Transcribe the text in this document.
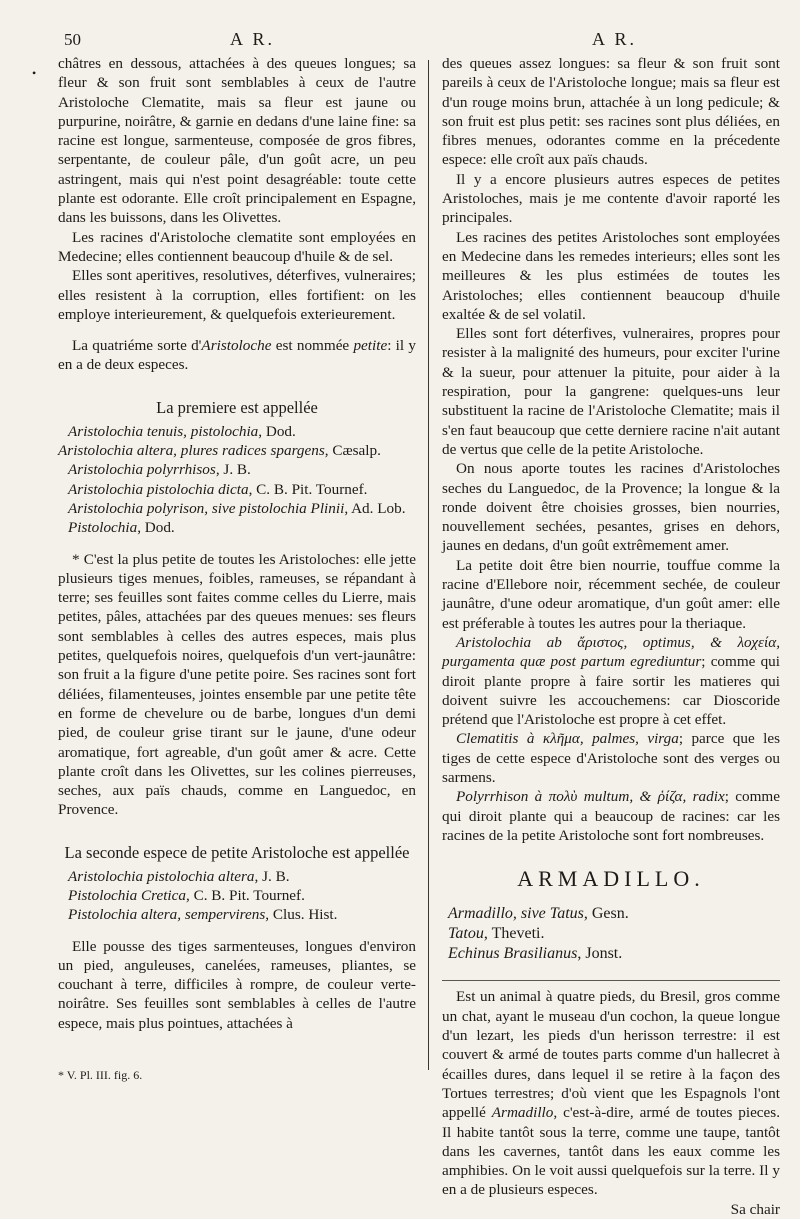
50	A R.
•

châtres en dessous, attachées à des queues longues; sa fleur & son fruit sont semblables à ceux de l'autre Aristoloche Clematite, mais sa fleur est jaune ou purpurine, noirâtre, & garnie en dedans d'une laine fine: sa racine est longue, sarmenteuse, composée de gros fibres, serpentante, de couleur pâle, d'un goût acre, un peu astringent, mais qui n'est point desagréable: toute cette plante est odorante. Elle croît principalement en Espagne, dans les buissons, dans les Olivettes.

Les racines d'Aristoloche clematite sont employées en Medecine; elles contiennent beaucoup d'huile & de sel.

Elles sont aperitives, resolutives, déterfives, vulneraires; elles resistent à la corruption, elles fortifient: on les employe interieurement, & quelquefois exterieurement.

La quatriéme sorte d'Aristoloche est nommée petite: il y en a de deux especes.

La premiere est appellée

Aristolochia tenuis, pistolochia, Dod.

Aristolochia altera, plures radices spargens, Cæsalp.

Aristolochia polyrrhisos, J. B.

Aristolochia pistolochia dicta, C. B. Pit. Tournef.

Aristolochia polyrison, sive pistolochia Plinii, Ad. Lob.

Pistolochia, Dod.

* C'est la plus petite de toutes les Aristoloches: elle jette plusieurs tiges menues, foibles, rameuses, se répandant à terre; ses feuilles sont faites comme celles du Lierre, mais petites, pâles, attachées par des queues menues: ses fleurs sont semblables à celles des autres especes, mais plus petites, quelquefois noires, quelquefois d'un vert-jaunâtre: son fruit a la figure d'une petite poire. Ses racines sont fort déliées, filamenteuses, jointes ensemble par une petite tête en forme de chevelure ou de barbe, longues d'un demi pied, de couleur grise tirant sur le jaune, d'une odeur aromatique, fort agreable, d'un goût amer & acre. Cette plante croît dans les Olivettes, sur les colines pierreuses, seches, aux païs chauds, comme en Languedoc, en Provence.

La seconde espece de petite Aristoloche est appellée

Aristolochia pistolochia altera, J. B.

Pistolochia Cretica, C. B. Pit. Tournef.

Pistolochia altera, sempervirens, Clus. Hist.

Elle pousse des tiges sarmenteuses, longues d'environ un pied, anguleuses, canelées, rameuses, pliantes, se couchant à terre, difficiles à rompre, de couleur verte-noirâtre. Ses feuilles sont semblables à celles de l'autre espece, mais plus pointues, attachées à

A R.

des queues assez longues: sa fleur & son fruit sont pareils à ceux de l'Aristoloche longue; mais sa fleur est d'un rouge moins brun, attachée à un long pedicule; & son fruit est plus petit: ses racines sont plus déliées, en fibres menues, odorantes comme en la précedente espece: elle croît aux païs chauds.

Il y a encore plusieurs autres especes de petites Aristoloches, mais je me contente d'avoir raporté les principales.

Les racines des petites Aristoloches sont employées en Medecine dans les remedes interieurs; elles sont les meilleures & les plus estimées de toutes les Aristoloches; elles contiennent beaucoup d'huile exaltée & de sel volatil.

Elles sont fort déterfives, vulneraires, propres pour resister à la malignité des humeurs, pour exciter l'urine & la sueur, pour attenuer la pituite, pour aider à la respiration, pour la gangrene: quelques-uns leur substituent la racine de l'Aristoloche Clematite; mais il s'en faut beaucoup que cette derniere racine n'ait autant de vertus que celle de la petite Aristoloche.

On nous aporte toutes les racines d'Aristoloches seches du Languedoc, de la Provence; la longue & la ronde doivent être choisies grosses, bien nourries, nouvellement sechées, pesantes, grises en dehors, jaunes en dedans, d'un goût extrêmement amer.

La petite doit être bien nourrie, touffue comme la racine d'Ellebore noir, récemment sechée, de couleur jaunâtre, d'une odeur aromatique, d'un goût amer: elle est préferable à toutes les autres pour la theriaque.

Aristolochia ab ἄριστος, optimus, & λοχεία, purgamenta quæ post partum egrediuntur; comme qui diroit plante propre à faire sortir les matieres qui doivent suivre les accouchemens: car Dioscoride prétend que l'Aristoloche est propre à cet effet.

Clematitis à κλῆμα, palmes, virga; parce que les tiges de cette espece d'Aristoloche sont des verges ou sarmens.

Polyrrhison à πολὺ multum, & ῥίζα, radix; comme qui diroit plante qui a beaucoup de racines: car les racines de la petite Aristoloche sont fort nombreuses.

ARMADILLO.

Armadillo, sive Tatus, Gesn.

Tatou, Theveti.

Echinus Brasilianus, Jonst.

Est un animal à quatre pieds, du Bresil, gros comme un chat, ayant le museau d'un cochon, la queue longue d'un lezart, les pieds d'un herisson terrestre: il est couvert & armé de toutes parts comme d'un hallecret à écailles dures, dans lequel il se retire à la façon des Tortues terrestres; d'où vient que les Espagnols l'ont appellé Armadillo, c'est-à-dire, armé de toutes pieces. Il habite tantôt sous la terre, comme une taupe, tantôt dans les cavernes, tantôt dans les eaux comme les amphibies. On le voit aussi quelquefois sur la terre. Il y en a de plusieurs especes.

Sa chair

* V. Pl. III. fig. 6.
